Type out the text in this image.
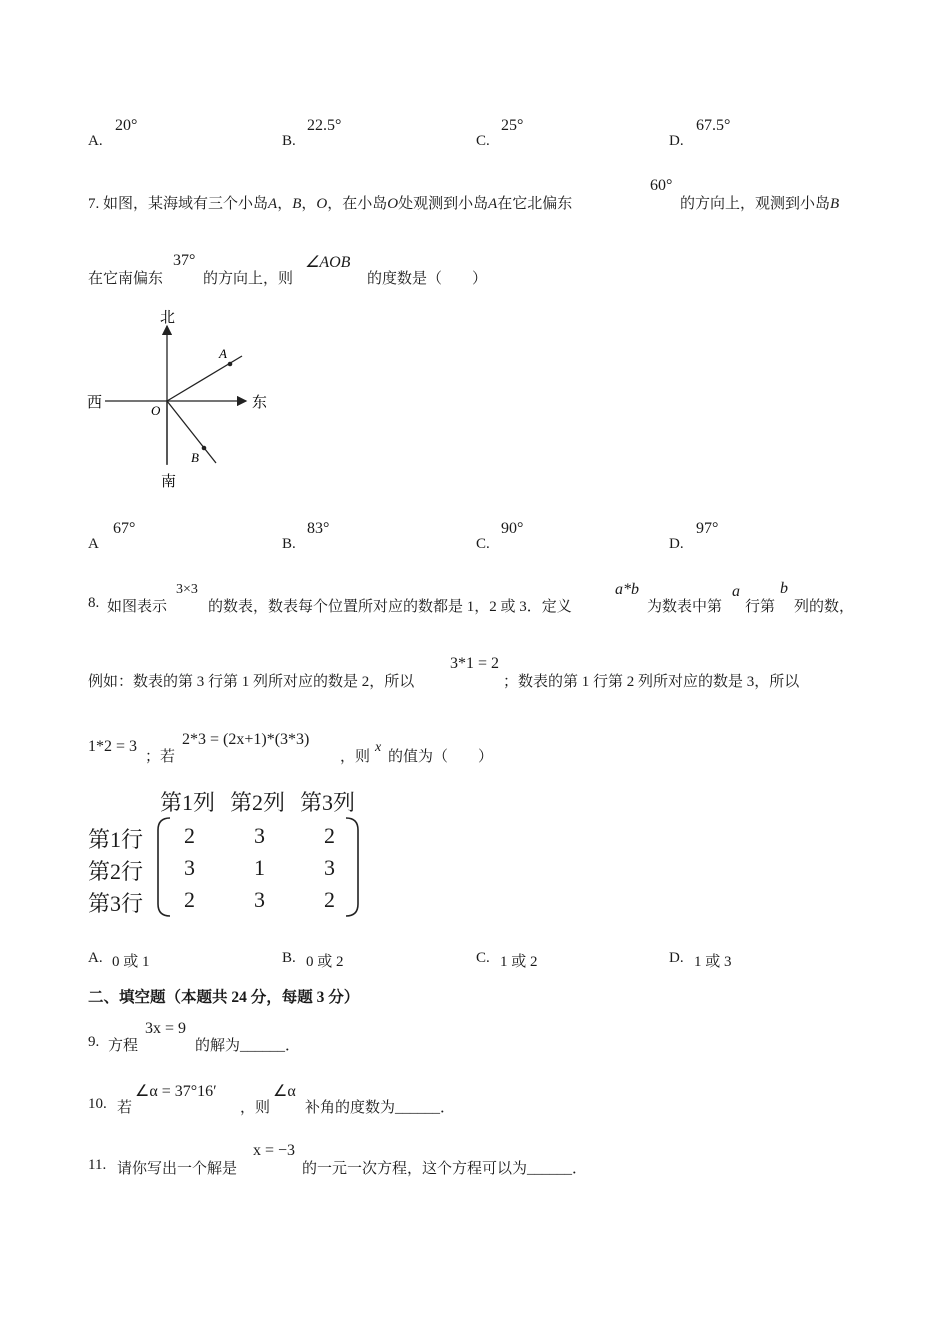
A.
20°
B.
22.5°
C.
25°
D.
67.5°
7. 如图，某海域有三个小岛A，B，O，在小岛O处观测到小岛A在它北偏东
60°
的方向上，观测到小岛B
在它南偏东
37°
的方向上，则
∠AOB
的度数是（　　）
北
南
西	东
A
B
O
A
67°
B.
83°
C.
90°
D.
97°
8. 如图表示
3×3
的数表，数表每个位置所对应的数都是 1，2 或 3．定义
a*b
为数表中第
a
行第
b
列的数，
例如：数表的第 3 行第 1 列所对应的数是 2，所以
3*1 = 2
；数表的第 1 行第 2 列所对应的数是 3，所以
1*2 = 3
；若
2*3 = (2x+1)*(3*3)
，则
x
的值为（　　）
第1列 第2列 第3列
第1行
第2行
第3行
2	3	2
3	1	3
2	3	2
A. 0 或 1	B. 0 或 2	C. 1 或 2	D. 1 或 3
二、填空题（本题共 24 分，每题 3 分）
9. 方程
3x = 9
的解为______．
10. 若
∠α = 37°16′
，则
∠α
补角的度数为______．
11. 请你写出一个解是
x = −3
的一元一次方程，这个方程可以为______．
